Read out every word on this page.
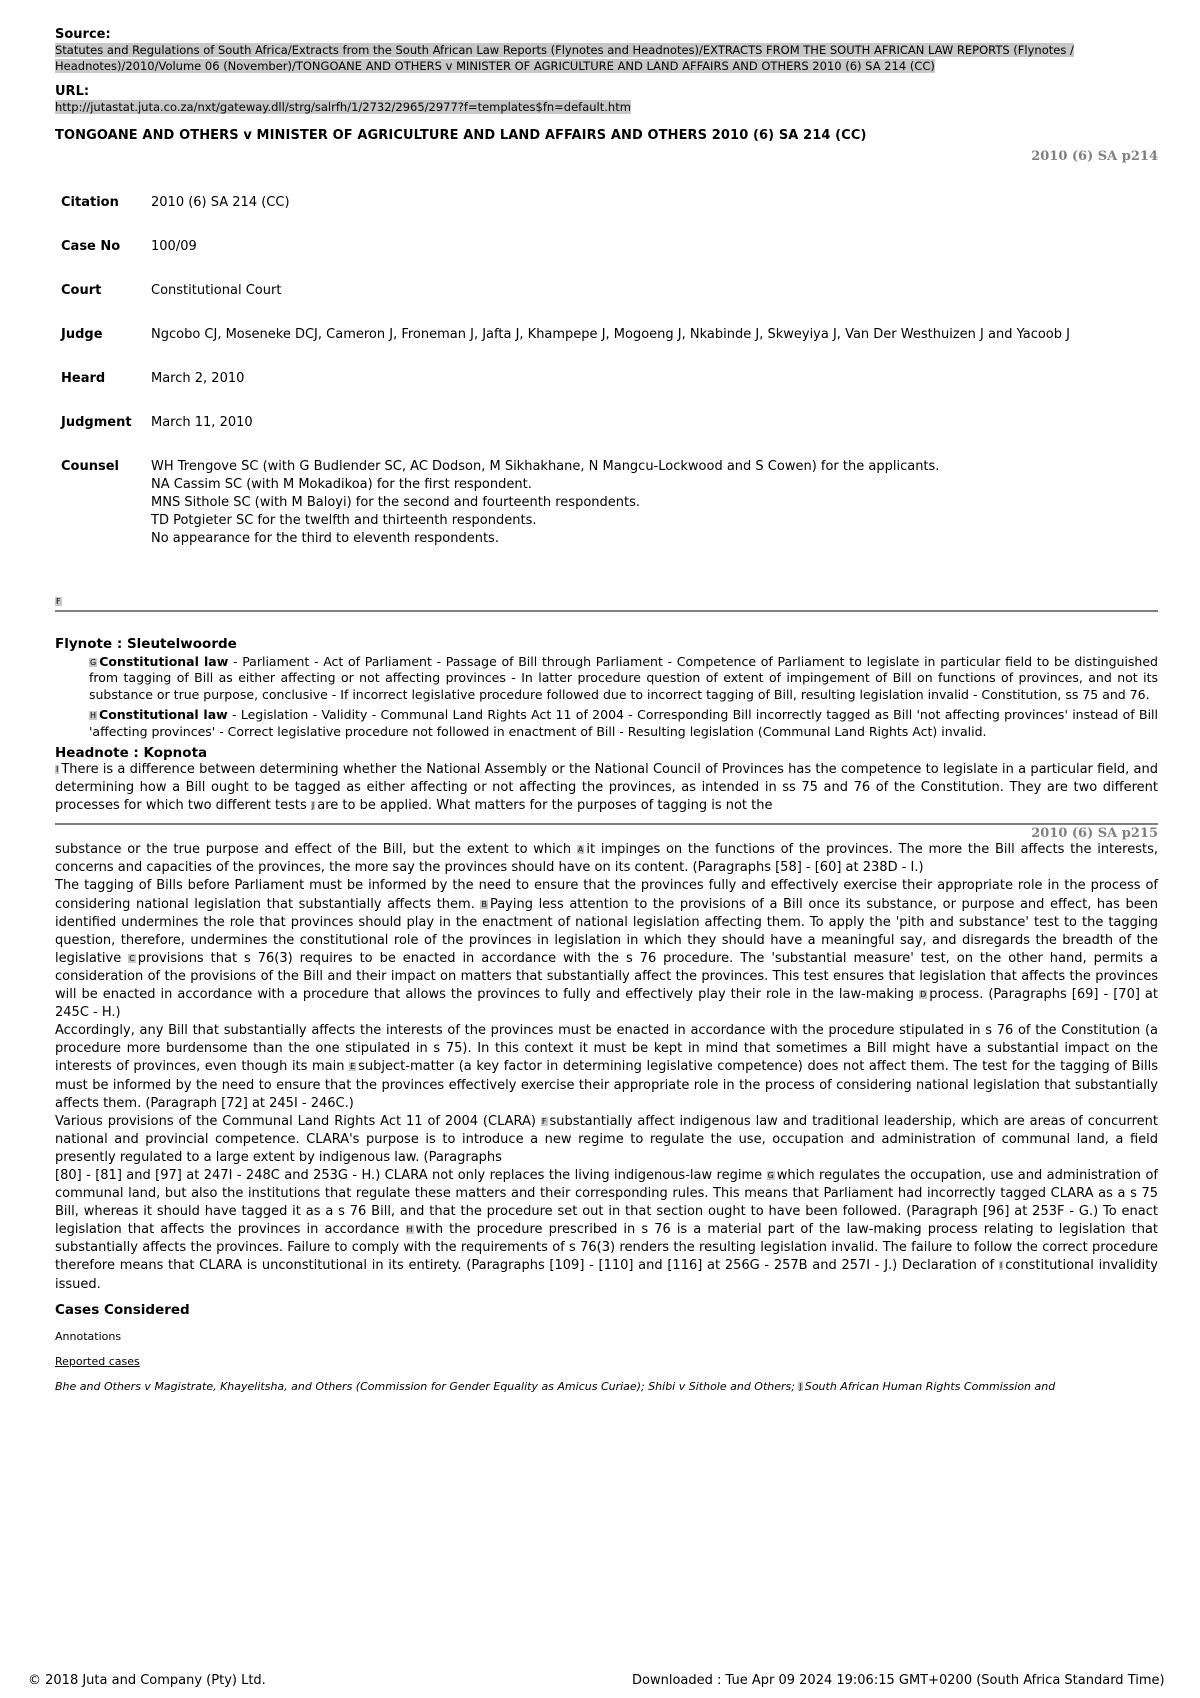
Source:
Statutes and Regulations of South Africa/Extracts from the South African Law Reports (Flynotes and Headnotes)/EXTRACTS FROM THE SOUTH AFRICAN LAW REPORTS (Flynotes / Headnotes)/2010/Volume 06 (November)/TONGOANE AND OTHERS v MINISTER OF AGRICULTURE AND LAND AFFAIRS AND OTHERS 2010 (6) SA 214 (CC)
URL:
http://jutastat.juta.co.za/nxt/gateway.dll/strg/salrfh/1/2732/2965/2977?f=templates$fn=default.htm
TONGOANE AND OTHERS v MINISTER OF AGRICULTURE AND LAND AFFAIRS AND OTHERS 2010 (6) SA 214 (CC)
2010 (6) SA p214
Citation	2010 (6) SA 214 (CC)

Case No	100/09

Court	Constitutional Court

Judge	Ngcobo CJ, Moseneke DCJ, Cameron J, Froneman J, Jafta J, Khampepe J, Mogoeng J, Nkabinde J, Skweyiya J, Van Der Westhuizen J and Yacoob J

Heard	March 2, 2010

Judgment	March 11, 2010

Counsel	WH Trengove SC (with G Budlender SC, AC Dodson, M Sikhakhane, N Mangcu-Lockwood and S Cowen) for the applicants.
NA Cassim SC (with M Mokadikoa) for the first respondent.
MNS Sithole SC (with M Baloyi) for the second and fourteenth respondents.
TD Potgieter SC for the twelfth and thirteenth respondents.
No appearance for the third to eleventh respondents.
F
Flynote : Sleutelwoorde
G Constitutional law - Parliament - Act of Parliament - Passage of Bill through Parliament - Competence of Parliament to legislate in particular field to be distinguished from tagging of Bill as either affecting or not affecting provinces - In latter procedure question of extent of impingement of Bill on functions of provinces, and not its substance or true purpose, conclusive - If incorrect legislative procedure followed due to incorrect tagging of Bill, resulting legislation invalid - Constitution, ss 75 and 76.
H Constitutional law - Legislation - Validity - Communal Land Rights Act 11 of 2004 - Corresponding Bill incorrectly tagged as Bill 'not affecting provinces' instead of Bill 'affecting provinces' - Correct legislative procedure not followed in enactment of Bill - Resulting legislation (Communal Land Rights Act) invalid.
Headnote : Kopnota
I There is a difference between determining whether the National Assembly or the National Council of Provinces has the competence to legislate in a particular field, and determining how a Bill ought to be tagged as either affecting or not affecting the provinces, as intended in ss 75 and 76 of the Constitution. They are two different processes for which two different tests J are to be applied. What matters for the purposes of tagging is not the
2010 (6) SA p215
substance or the true purpose and effect of the Bill, but the extent to which A it impinges on the functions of the provinces. The more the Bill affects the interests, concerns and capacities of the provinces, the more say the provinces should have on its content. (Paragraphs [58] - [60] at 238D - I.)
The tagging of Bills before Parliament must be informed by the need to ensure that the provinces fully and effectively exercise their appropriate role in the process of considering national legislation that substantially affects them. B Paying less attention to the provisions of a Bill once its substance, or purpose and effect, has been identified undermines the role that provinces should play in the enactment of national legislation affecting them. To apply the 'pith and substance' test to the tagging question, therefore, undermines the constitutional role of the provinces in legislation in which they should have a meaningful say, and disregards the breadth of the legislative C provisions that s 76(3) requires to be enacted in accordance with the s 76 procedure. The 'substantial measure' test, on the other hand, permits a consideration of the provisions of the Bill and their impact on matters that substantially affect the provinces. This test ensures that legislation that affects the provinces will be enacted in accordance with a procedure that allows the provinces to fully and effectively play their role in the law-making D process. (Paragraphs [69] - [70] at 245C - H.)
Accordingly, any Bill that substantially affects the interests of the provinces must be enacted in accordance with the procedure stipulated in s 76 of the Constitution (a procedure more burdensome than the one stipulated in s 75). In this context it must be kept in mind that sometimes a Bill might have a substantial impact on the interests of provinces, even though its main E subject-matter (a key factor in determining legislative competence) does not affect them. The test for the tagging of Bills must be informed by the need to ensure that the provinces effectively exercise their appropriate role in the process of considering national legislation that substantially affects them. (Paragraph [72] at 245I - 246C.)
Various provisions of the Communal Land Rights Act 11 of 2004 (CLARA) F substantially affect indigenous law and traditional leadership, which are areas of concurrent national and provincial competence. CLARA's purpose is to introduce a new regime to regulate the use, occupation and administration of communal land, a field presently regulated to a large extent by indigenous law. (Paragraphs
[80] - [81] and [97] at 247I - 248C and 253G - H.) CLARA not only replaces the living indigenous-law regime G which regulates the occupation, use and administration of communal land, but also the institutions that regulate these matters and their corresponding rules. This means that Parliament had incorrectly tagged CLARA as a s 75 Bill, whereas it should have tagged it as a s 76 Bill, and that the procedure set out in that section ought to have been followed. (Paragraph [96] at 253F - G.) To enact legislation that affects the provinces in accordance H with the procedure prescribed in s 76 is a material part of the law-making process relating to legislation that substantially affects the provinces. Failure to comply with the requirements of s 76(3) renders the resulting legislation invalid. The failure to follow the correct procedure therefore means that CLARA is unconstitutional in its entirety. (Paragraphs [109] - [110] and [116] at 256G - 257B and 257I - J.) Declaration of I constitutional invalidity issued.
Cases Considered
Annotations
Reported cases
Bhe and Others v Magistrate, Khayelitsha, and Others (Commission for Gender Equality as Amicus Curiae); Shibi v Sithole and Others; J South African Human Rights Commission and
© 2018 Juta and Company (Pty) Ltd.	Downloaded : Tue Apr 09 2024 19:06:15 GMT+0200 (South Africa Standard Time)
